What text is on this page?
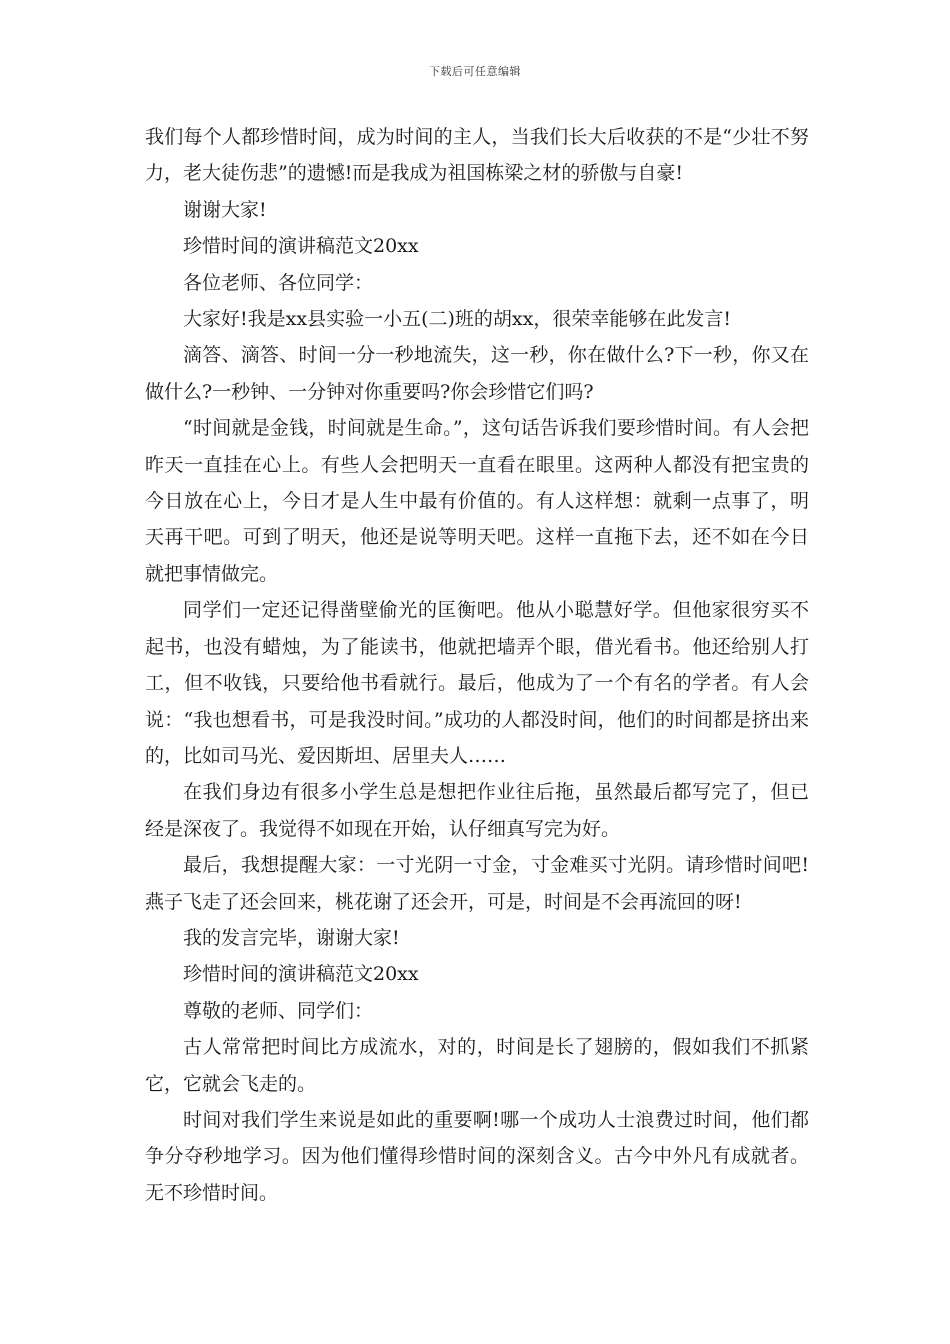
下载后可任意编辑

我们每个人都珍惜时间，成为时间的主人，当我们长大后收获的不是“少壮不努力，老大徒伤悲”的遗憾!而是我成为祖国栋梁之材的骄傲与自豪!

谢谢大家!

珍惜时间的演讲稿范文20xx

各位老师、各位同学：

大家好!我是xx县实验一小五(二)班的胡xx，很荣幸能够在此发言!

滴答、滴答、时间一分一秒地流失，这一秒，你在做什么?下一秒，你又在做什么?一秒钟、一分钟对你重要吗?你会珍惜它们吗?

“时间就是金钱，时间就是生命。”，这句话告诉我们要珍惜时间。有人会把昨天一直挂在心上。有些人会把明天一直看在眼里。这两种人都没有把宝贵的今日放在心上，今日才是人生中最有价值的。有人这样想：就剩一点事了，明天再干吧。可到了明天，他还是说等明天吧。这样一直拖下去，还不如在今日就把事情做完。

同学们一定还记得凿壁偷光的匡衡吧。他从小聪慧好学。但他家很穷买不起书，也没有蜡烛，为了能读书，他就把墙弄个眼，借光看书。他还给别人打工，但不收钱，只要给他书看就行。最后，他成为了一个有名的学者。有人会说：“我也想看书，可是我没时间。”成功的人都没时间，他们的时间都是挤出来的，比如司马光、爱因斯坦、居里夫人……

在我们身边有很多小学生总是想把作业往后拖，虽然最后都写完了，但已经是深夜了。我觉得不如现在开始，认仔细真写完为好。

最后，我想提醒大家：一寸光阴一寸金，寸金难买寸光阴。请珍惜时间吧!燕子飞走了还会回来，桃花谢了还会开，可是，时间是不会再流回的呀!

我的发言完毕，谢谢大家!

珍惜时间的演讲稿范文20xx

尊敬的老师、同学们：

古人常常把时间比方成流水，对的，时间是长了翅膀的，假如我们不抓紧它，它就会飞走的。

时间对我们学生来说是如此的重要啊!哪一个成功人士浪费过时间，他们都争分夺秒地学习。因为他们懂得珍惜时间的深刻含义。古今中外凡有成就者。无不珍惜时间。
